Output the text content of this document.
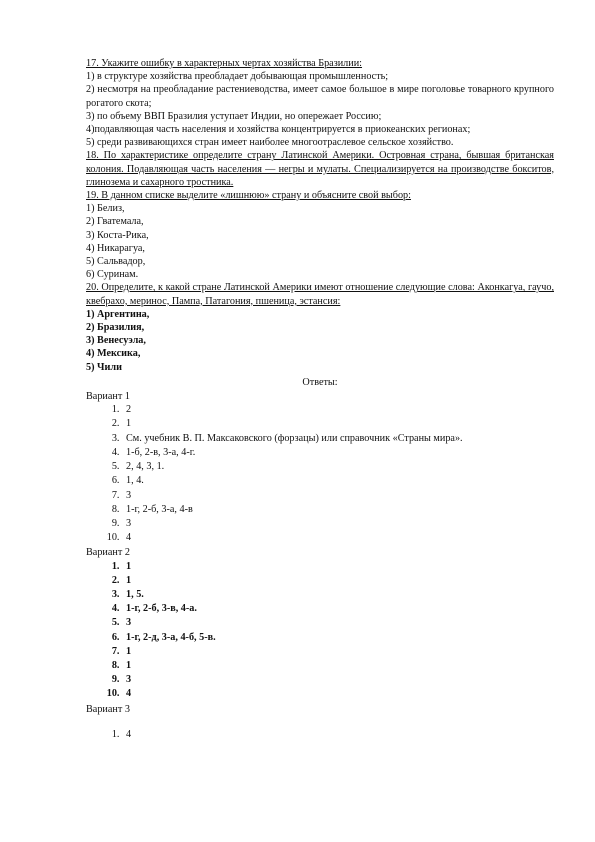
17. Укажите ошибку в характерных чертах хозяйства Бразилии:

1) в структуре хозяйства преобладает добывающая промышленность;

2) несмотря на преобладание растениеводства, имеет самое большое в мире поголовье товарного крупного рогатого скота;

3) по объему ВВП Бразилия уступает Индии, но опережает Россию;

4)подавляющая часть населения и хозяйства концентрируется в приокеанских регионах;

5) среди развивающихся стран имеет наиболее многоотраслевое сельское хозяйство.

18. По характеристике определите страну Латинской Америки. Островная страна, бывшая британская колония. Подавляющая часть населения — негры и мулаты. Специализируется на производстве бокситов, глинозема и сахарного тростника.

19. В данном списке выделите «лишнюю» страну и объясните свой выбор:

1) Белиз,

2) Гватемала,

3) Коста-Рика,

4) Никарагуа,

5) Сальвадор,

6) Суринам.

20. Определите, к какой стране Латинской Америки имеют отношение следующие слова: Аконкагуа, гаучо, квебрахо, меринос, Пампа, Патагония, пшеница, эстансия:

1) Аргентина,

2) Бразилия,

3) Венесуэла,

4) Мексика,

5) Чили

Ответы:

Вариант 1

1. 2
2. 1
3. См. учебник В. П. Максаковского (форзацы) или справочник «Страны мира».
4. 1-б, 2-в, 3-а, 4-г.
5. 2, 4, 3, 1.
6. 1, 4.
7. 3
8. 1-г, 2-б, 3-а, 4-в
9. 3
10. 4

Вариант 2

1. 1
2. 1
3. 1, 5.
4. 1-г, 2-б, 3-в, 4-а.
5. 3
6. 1-г, 2-д, 3-а, 4-б, 5-в.
7. 1
8. 1
9. 3
10. 4

Вариант 3

1. 4
